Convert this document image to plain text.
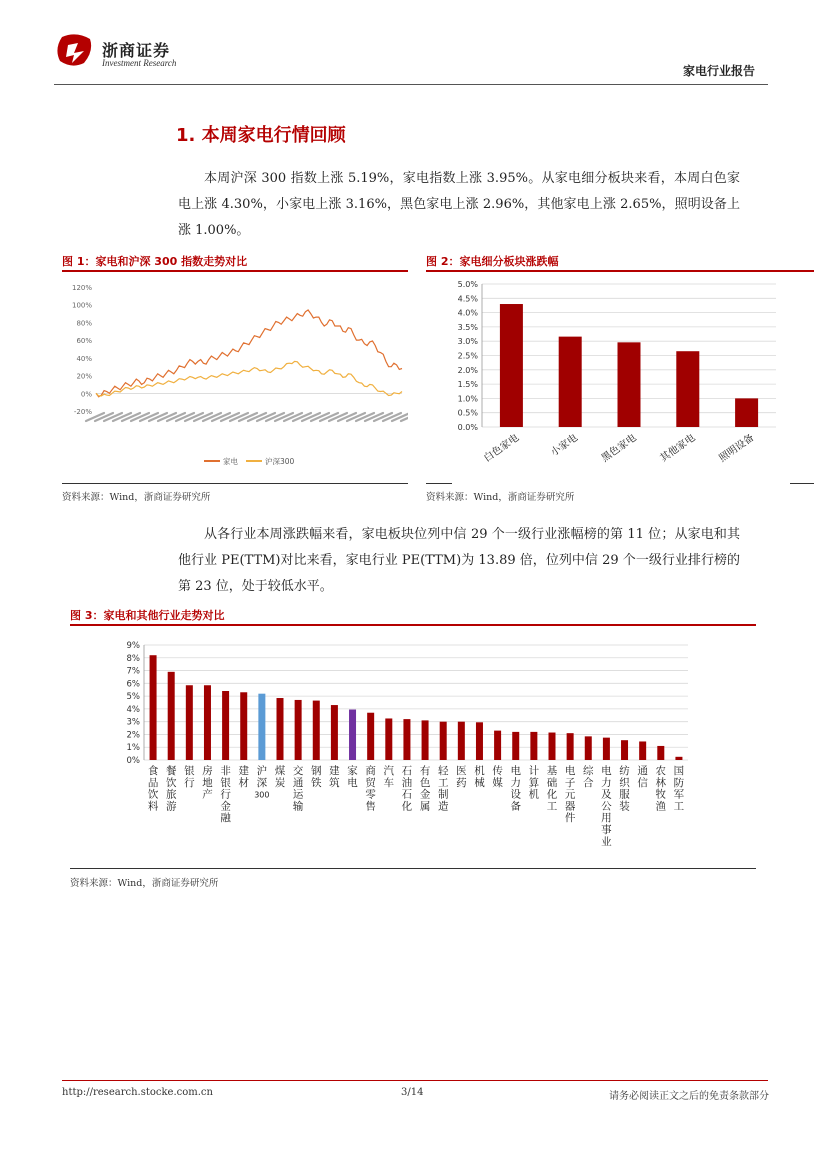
浙商证券
Investment Research
家电行业报告
1. 本周家电行情回顾
本周沪深 300 指数上涨 5.19%，家电指数上涨 3.95%。从家电细分板块来看，本周白色家电上涨 4.30%，小家电上涨 3.16%，黑色家电上涨 2.96%，其他家电上涨 2.65%，照明设备上涨 1.00%。
图 1：家电和沪深 300 指数走势对比
120%
100%
80%
60%
40%
20%
0%
-20%
家电	沪深300
资料来源：Wind，浙商证券研究所
图 2：家电细分板块涨跌幅
5.0%
4.5%
4.0%
3.5%
3.0%
2.5%
2.0%
1.5%
1.0%
0.5%
0.0%
白色家电	小家电 黑色家电 其他家电 照明设备
资料来源：Wind，浙商证券研究所
从各行业本周涨跌幅来看，家电板块位列中信 29 个一级行业涨幅榜的第 11 位；从家电和其他行业 PE(TTM)对比来看，家电行业 PE(TTM)为 13.89 倍，位列中信 29 个一级行业排行榜的第 23 位，处于较低水平。
图 3：家电和其他行业走势对比
9%
8%
7%
6%
5%
4%
3%
2%
1%
0%
食品饮料
餐饮旅游
银行
房地产
非银行金融
建材
沪深 300
煤炭
交通运输
钢铁
建筑
家电
商贸零售
汽车
石油石化
有色金属
轻工制造
医药
机械
传媒
电力设备
计算机
基础化工
电子元器件
综合
电力及公用事业
纺织服装
通信
农林牧渔
国防军工
资料来源：Wind，浙商证券研究所
http://research.stocke.com.cn	3/14	请务必阅读正文之后的免责条款部分
